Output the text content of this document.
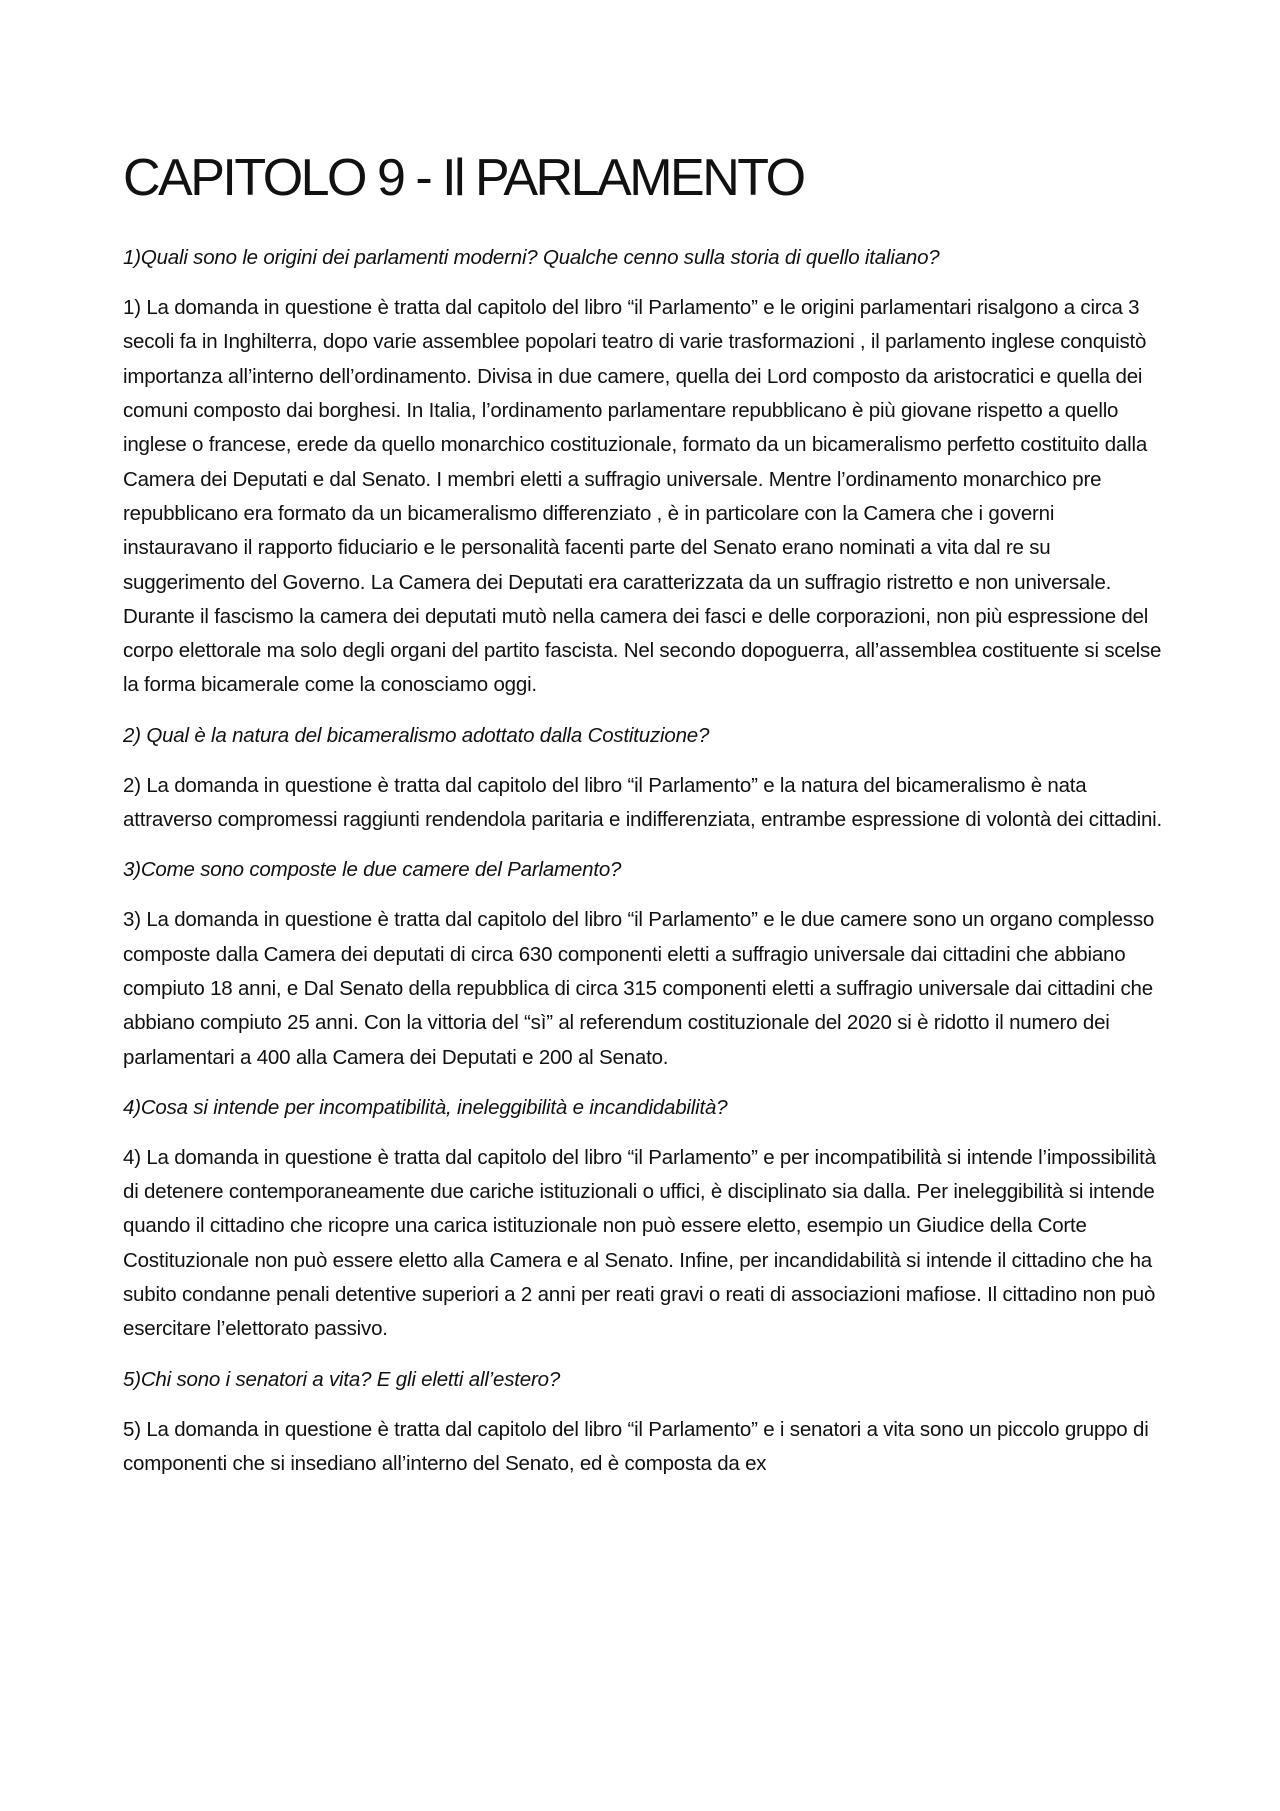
CAPITOLO 9 - Il PARLAMENTO

1)Quali sono le origini dei parlamenti moderni? Qualche cenno sulla storia di quello italiano?

1) La domanda in questione è tratta dal capitolo del libro “il Parlamento” e le origini parlamentari risalgono a circa 3 secoli fa in Inghilterra, dopo varie assemblee popolari teatro di varie trasformazioni , il parlamento inglese conquistò importanza all’interno dell’ordinamento. Divisa in due camere, quella dei Lord composto da aristocratici e quella dei comuni composto dai borghesi. In Italia, l’ordinamento parlamentare repubblicano è più giovane rispetto a quello inglese o francese, erede da quello monarchico costituzionale, formato da un bicameralismo perfetto costituito dalla Camera dei Deputati e dal Senato. I membri eletti a suffragio universale. Mentre l’ordinamento monarchico pre repubblicano era formato da un bicameralismo differenziato , è in particolare con la Camera che i governi instauravano il rapporto fiduciario e le personalità facenti parte del Senato erano nominati a vita dal re su suggerimento del Governo. La Camera dei Deputati era caratterizzata da un suffragio ristretto e non universale. Durante il fascismo la camera dei deputati mutò nella camera dei fasci e delle corporazioni, non più espressione del corpo elettorale ma solo degli organi del partito fascista. Nel secondo dopoguerra, all’assemblea costituente si scelse la forma bicamerale come la conosciamo oggi.

2) Qual è la natura del bicameralismo adottato dalla Costituzione?

2) La domanda in questione è tratta dal capitolo del libro “il Parlamento” e la natura del bicameralismo è nata attraverso compromessi raggiunti rendendola paritaria e indifferenziata, entrambe espressione di volontà dei cittadini.

3)Come sono composte le due camere del Parlamento?

3) La domanda in questione è tratta dal capitolo del libro “il Parlamento” e le due camere sono un organo complesso composte dalla Camera dei deputati di circa 630 componenti eletti a suffragio universale dai cittadini che abbiano compiuto 18 anni, e Dal Senato della repubblica di circa 315 componenti eletti a suffragio universale dai cittadini che abbiano compiuto 25 anni. Con la vittoria del “sì” al referendum costituzionale del 2020 si è ridotto il numero dei parlamentari a 400 alla Camera dei Deputati e 200 al Senato.

4)Cosa si intende per incompatibilità, ineleggibilità e incandidabilità?

4) La domanda in questione è tratta dal capitolo del libro “il Parlamento” e per incompatibilità si intende l’impossibilità di detenere contemporaneamente due cariche istituzionali o uffici, è disciplinato sia dalla. Per ineleggibilità si intende quando il cittadino che ricopre una carica istituzionale non può essere eletto, esempio un Giudice della Corte Costituzionale non può essere eletto alla Camera e al Senato. Infine, per incandidabilità si intende il cittadino che ha subito condanne penali detentive superiori a 2 anni per reati gravi o reati di associazioni mafiose. Il cittadino non può esercitare l’elettorato passivo.

5)Chi sono i senatori a vita? E gli eletti all’estero?

5) La domanda in questione è tratta dal capitolo del libro “il Parlamento” e i senatori a vita sono un piccolo gruppo di componenti che si insediano all’interno del Senato, ed è composta da ex
